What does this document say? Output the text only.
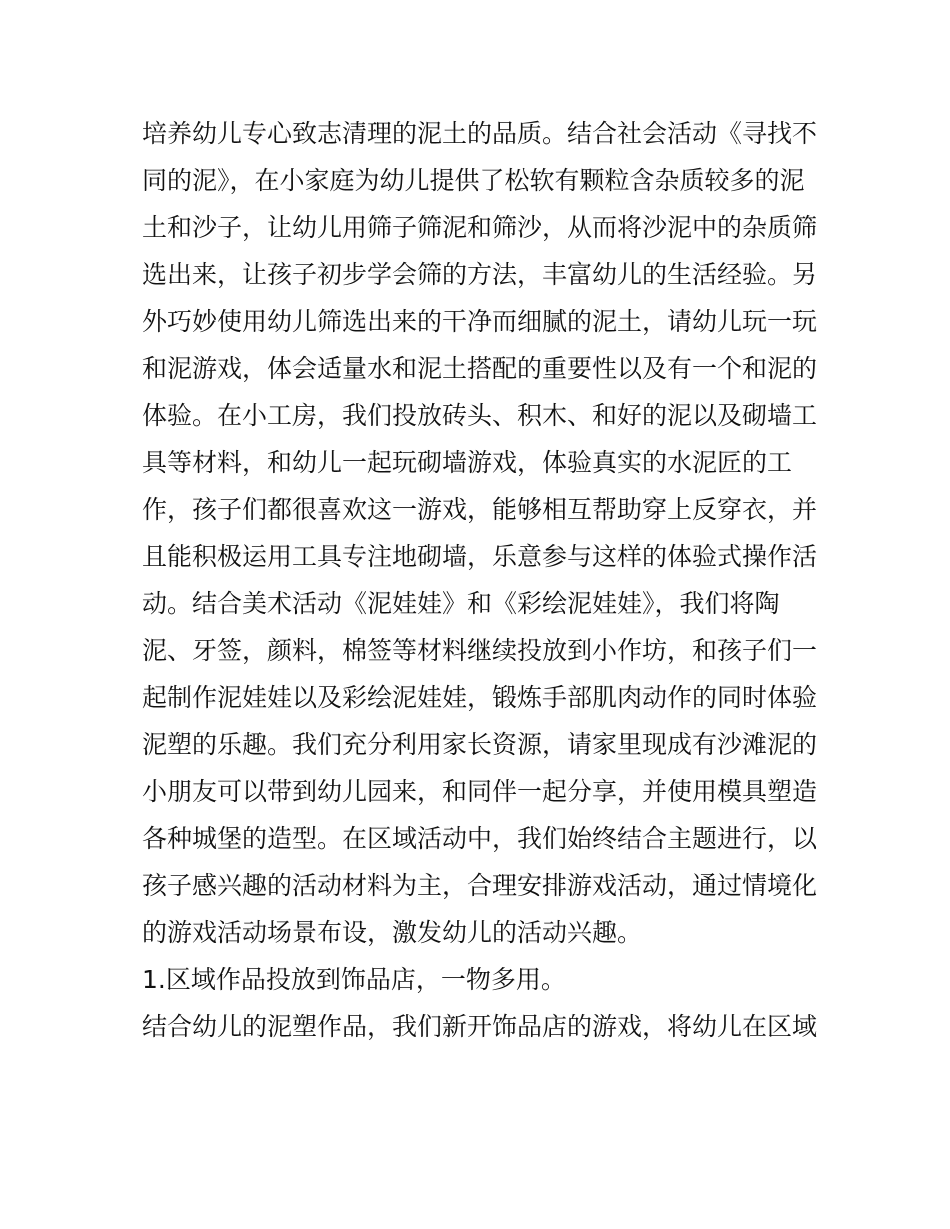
培养幼儿专心致志清理的泥土的品质。结合社会活动《寻找不
同的泥》，在小家庭为幼儿提供了松软有颗粒含杂质较多的泥
土和沙子，让幼儿用筛子筛泥和筛沙，从而将沙泥中的杂质筛
选出来，让孩子初步学会筛的方法，丰富幼儿的生活经验。另
外巧妙使用幼儿筛选出来的干净而细腻的泥土，请幼儿玩一玩
和泥游戏，体会适量水和泥土搭配的重要性以及有一个和泥的
体验。在小工房，我们投放砖头、积木、和好的泥以及砌墙工
具等材料，和幼儿一起玩砌墙游戏，体验真实的水泥匠的工
作，孩子们都很喜欢这一游戏，能够相互帮助穿上反穿衣，并
且能积极运用工具专注地砌墙，乐意参与这样的体验式操作活
动。结合美术活动《泥娃娃》和《彩绘泥娃娃》，我们将陶
泥、牙签，颜料，棉签等材料继续投放到小作坊，和孩子们一
起制作泥娃娃以及彩绘泥娃娃，锻炼手部肌肉动作的同时体验
泥塑的乐趣。我们充分利用家长资源，请家里现成有沙滩泥的
小朋友可以带到幼儿园来，和同伴一起分享，并使用模具塑造
各种城堡的造型。在区域活动中，我们始终结合主题进行，以
孩子感兴趣的活动材料为主，合理安排游戏活动，通过情境化
的游戏活动场景布设，激发幼儿的活动兴趣。
1.区域作品投放到饰品店，一物多用。
结合幼儿的泥塑作品，我们新开饰品店的游戏，将幼儿在区域
